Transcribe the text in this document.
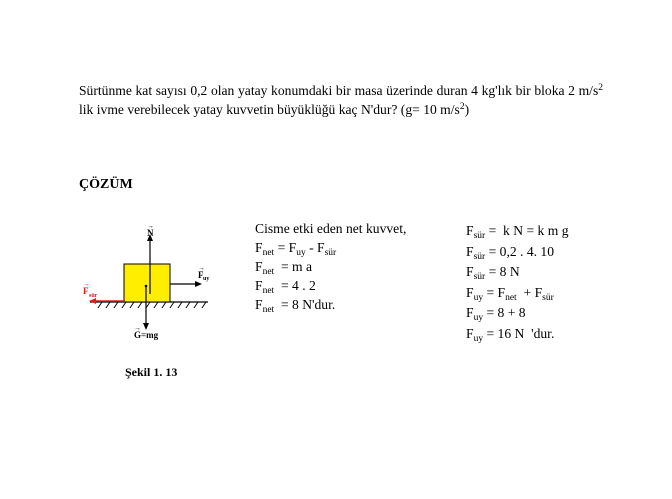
Sürtünme kat sayısı 0,2 olan yatay konumdaki bir masa üzerinde duran 4 kg'lık bir bloka 2 $m/s^2$ lik ivme verebilecek yatay kuvvetin büyüklüğü kaç N'dur? (g= 10 $m/s^2$)

ÇÖZÜM
N
→
F uy
→
F sür
→
G=mg
→
Şekil 1. 13
Cisme etki eden net kuvvet,
$F_{net} = F_{uy} - F_{sür}$
$F_{net} = m$ a
$F_{net} = 4$ . 2
$F_{net} = 8$ N'dur.
$F_{sür} = k$ N = k m g
$F_{sür} = 0,2$ . 4. 10
$F_{sür} = 8$ N
$F_{uy} = F_{net} + F_{sür}$
$F_{uy} = 8 + 8$
$F_{uy} = 16$ N  'dur.
